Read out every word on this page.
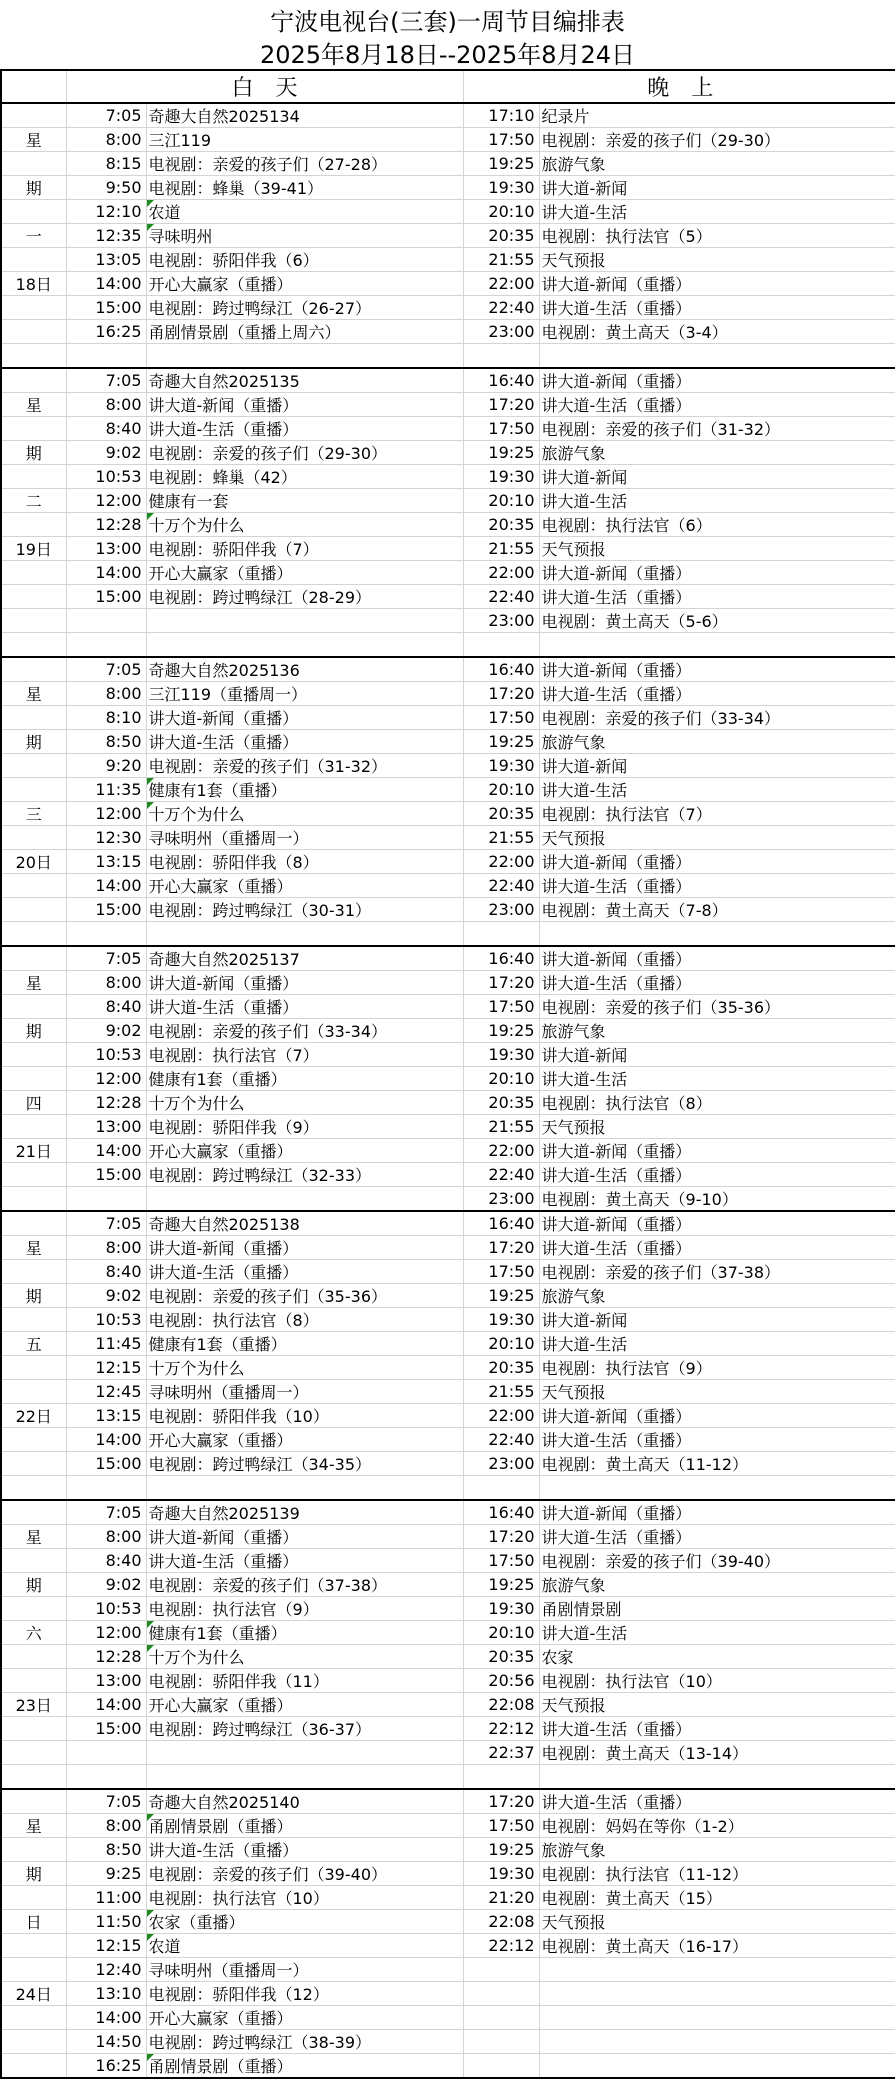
宁波电视台(三套)一周节目编排表
2025年8月18日--2025年8月24日
	白　天		晚　上	
	7:05	奇趣大自然2025134	17:10	纪录片
星	8:00	三江119	17:50	电视剧：亲爱的孩子们（29-30）
	8:15	电视剧：亲爱的孩子们（27-28）	19:25	旅游气象
期	9:50	电视剧：蜂巢（39-41）	19:30	讲大道-新闻
	12:10	农道	20:10	讲大道-生活
一	12:35	寻味明州	20:35	电视剧：执行法官（5）
	13:05	电视剧：骄阳伴我（6）	21:55	天气预报
18日	14:00	开心大赢家（重播）	22:00	讲大道-新闻（重播）
	15:00	电视剧：跨过鸭绿江（26-27）	22:40	讲大道-生活（重播）
	16:25	甬剧情景剧（重播上周六）	23:00	电视剧：黄土高天（3-4）

	7:05	奇趣大自然2025135	16:40	讲大道-新闻（重播）
星	8:00	讲大道-新闻（重播）	17:20	讲大道-生活（重播）
	8:40	讲大道-生活（重播）	17:50	电视剧：亲爱的孩子们（31-32）
期	9:02	电视剧：亲爱的孩子们（29-30）	19:25	旅游气象
	10:53	电视剧：蜂巢（42）	19:30	讲大道-新闻
二	12:00	健康有一套	20:10	讲大道-生活
	12:28	十万个为什么	20:35	电视剧：执行法官（6）
19日	13:00	电视剧：骄阳伴我（7）	21:55	天气预报
	14:00	开心大赢家（重播）	22:00	讲大道-新闻（重播）
	15:00	电视剧：跨过鸭绿江（28-29）	22:40	讲大道-生活（重播）
			23:00	电视剧：黄土高天（5-6）

	7:05	奇趣大自然2025136	16:40	讲大道-新闻（重播）
星	8:00	三江119（重播周一）	17:20	讲大道-生活（重播）
	8:10	讲大道-新闻（重播）	17:50	电视剧：亲爱的孩子们（33-34）
期	8:50	讲大道-生活（重播）	19:25	旅游气象
	9:20	电视剧：亲爱的孩子们（31-32）	19:30	讲大道-新闻
	11:35	健康有1套（重播）	20:10	讲大道-生活
三	12:00	十万个为什么	20:35	电视剧：执行法官（7）
	12:30	寻味明州（重播周一）	21:55	天气预报
20日	13:15	电视剧：骄阳伴我（8）	22:00	讲大道-新闻（重播）
	14:00	开心大赢家（重播）	22:40	讲大道-生活（重播）
	15:00	电视剧：跨过鸭绿江（30-31）	23:00	电视剧：黄土高天（7-8）

	7:05	奇趣大自然2025137	16:40	讲大道-新闻（重播）
星	8:00	讲大道-新闻（重播）	17:20	讲大道-生活（重播）
	8:40	讲大道-生活（重播）	17:50	电视剧：亲爱的孩子们（35-36）
期	9:02	电视剧：亲爱的孩子们（33-34）	19:25	旅游气象
	10:53	电视剧：执行法官（7）	19:30	讲大道-新闻
	12:00	健康有1套（重播）	20:10	讲大道-生活
四	12:28	十万个为什么	20:35	电视剧：执行法官（8）
	13:00	电视剧：骄阳伴我（9）	21:55	天气预报
21日	14:00	开心大赢家（重播）	22:00	讲大道-新闻（重播）
	15:00	电视剧：跨过鸭绿江（32-33）	22:40	讲大道-生活（重播）
			23:00	电视剧：黄土高天（9-10）
	7:05	奇趣大自然2025138	16:40	讲大道-新闻（重播）
星	8:00	讲大道-新闻（重播）	17:20	讲大道-生活（重播）
	8:40	讲大道-生活（重播）	17:50	电视剧：亲爱的孩子们（37-38）
期	9:02	电视剧：亲爱的孩子们（35-36）	19:25	旅游气象
	10:53	电视剧：执行法官（8）	19:30	讲大道-新闻
五	11:45	健康有1套（重播）	20:10	讲大道-生活
	12:15	十万个为什么	20:35	电视剧：执行法官（9）
	12:45	寻味明州（重播周一）	21:55	天气预报
22日	13:15	电视剧：骄阳伴我（10）	22:00	讲大道-新闻（重播）
	14:00	开心大赢家（重播）	22:40	讲大道-生活（重播）
	15:00	电视剧：跨过鸭绿江（34-35）	23:00	电视剧：黄土高天（11-12）

	7:05	奇趣大自然2025139	16:40	讲大道-新闻（重播）
星	8:00	讲大道-新闻（重播）	17:20	讲大道-生活（重播）
	8:40	讲大道-生活（重播）	17:50	电视剧：亲爱的孩子们（39-40）
期	9:02	电视剧：亲爱的孩子们（37-38）	19:25	旅游气象
	10:53	电视剧：执行法官（9）	19:30	甬剧情景剧
六	12:00	健康有1套（重播）	20:10	讲大道-生活
	12:28	十万个为什么	20:35	农家
	13:00	电视剧：骄阳伴我（11）	20:56	电视剧：执行法官（10）
23日	14:00	开心大赢家（重播）	22:08	天气预报
	15:00	电视剧：跨过鸭绿江（36-37）	22:12	讲大道-生活（重播）
			22:37	电视剧：黄土高天（13-14）

	7:05	奇趣大自然2025140	17:20	讲大道-生活（重播）
星	8:00	甬剧情景剧（重播）	17:50	电视剧：妈妈在等你（1-2）
	8:50	讲大道-生活（重播）	19:25	旅游气象
期	9:25	电视剧：亲爱的孩子们（39-40）	19:30	电视剧：执行法官（11-12）
	11:00	电视剧：执行法官（10）	21:20	电视剧：黄土高天（15）
日	11:50	农家（重播）	22:08	天气预报
	12:15	农道	22:12	电视剧：黄土高天（16-17）
	12:40	寻味明州（重播周一）		
24日	13:10	电视剧：骄阳伴我（12）		
	14:00	开心大赢家（重播）		
	14:50	电视剧：跨过鸭绿江（38-39）		
	16:25	甬剧情景剧（重播）		
